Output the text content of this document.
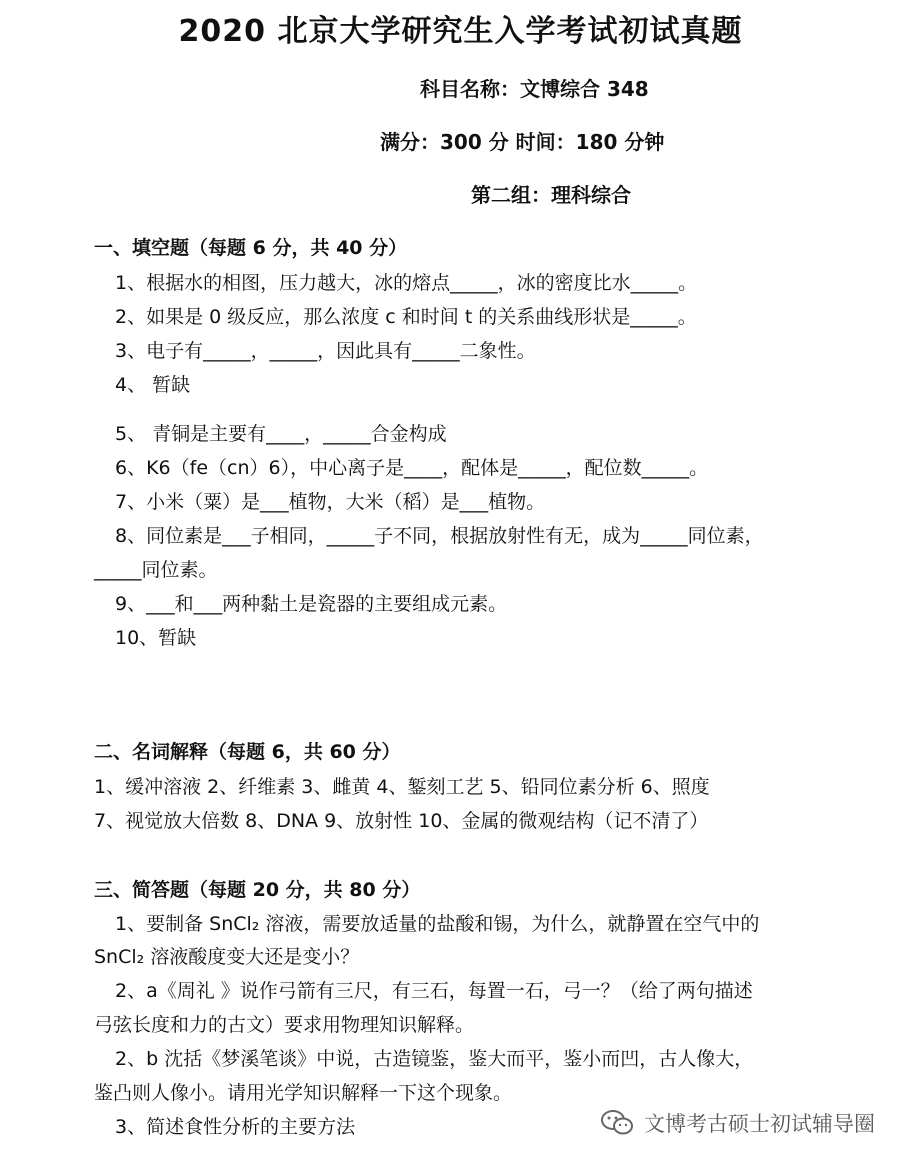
2020 北京大学研究生入学考试初试真题
科目名称：文博综合 348
满分：300 分 时间：180 分钟
第二组：理科综合
一、填空题（每题 6 分，共 40 分）
1、根据水的相图，压力越大，冰的熔点_____，冰的密度比水_____。
2、如果是 0 级反应，那么浓度 c 和时间 t 的关系曲线形状是_____。
3、电子有_____，_____，因此具有_____二象性。
4、 暂缺
5、 青铜是主要有____，_____合金构成
6、K6（fe（cn）6），中心离子是____，配体是_____，配位数_____。
7、小米（粟）是___植物，大米（稻）是___植物。
8、同位素是___子相同，_____子不同，根据放射性有无，成为_____同位素，
_____同位素。
9、___和___两种黏土是瓷器的主要组成元素。
10、暂缺
二、名词解释（每题 6，共 60 分）
1、缓冲溶液 2、纤维素 3、雌黄 4、錾刻工艺 5、铅同位素分析 6、照度
7、视觉放大倍数 8、DNA 9、放射性 10、金属的微观结构（记不清了）
三、简答题（每题 20 分，共 80 分）
1、要制备 SnCl₂ 溶液，需要放适量的盐酸和锡，为什么，就静置在空气中的
SnCl₂ 溶液酸度变大还是变小？
2、a《周礼 》说作弓箭有三尺，有三石，每置一石，弓一？（给了两句描述
弓弦长度和力的古文）要求用物理知识解释。
2、b 沈括《梦溪笔谈》中说，古造镜鉴，鉴大而平，鉴小而凹，古人像大，
鉴凸则人像小。请用光学知识解释一下这个现象。
3、简述食性分析的主要方法	文博考古硕士初试辅导圈
